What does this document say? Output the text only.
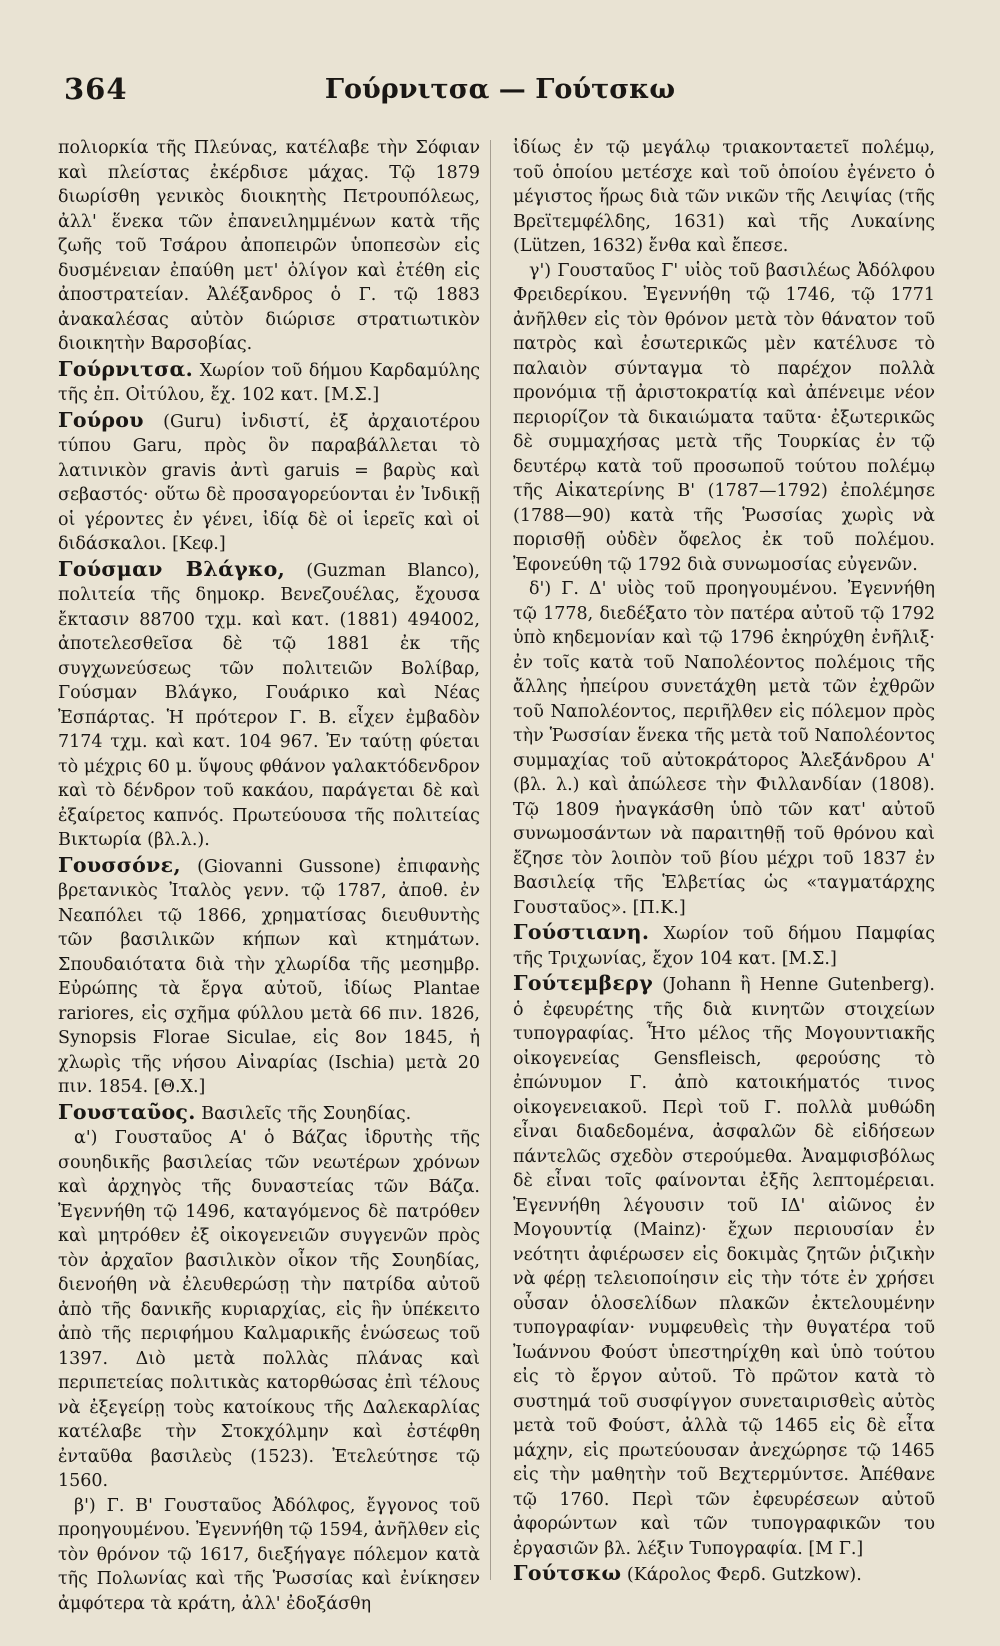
364	Γούρνιτσα — Γούτσκω

πολιορκία τῆς Πλεύνας, κατέλαβε τὴν Σόφιαν καὶ πλείστας ἐκέρδισε μάχας. Τῷ 1879 διωρίσθη γενικὸς διοικητὴς Πετρουπόλεως, ἀλλ' ἕνεκα τῶν ἐπανειλημμένων κατὰ τῆς ζωῆς τοῦ Τσάρου ἀποπειρῶν ὑποπεσὼν εἰς δυσμένειαν ἐπαύθη μετ' ὀλίγον καὶ ἐτέθη εἰς ἀποστρατείαν. Ἀλέξανδρος ὁ Γ. τῷ 1883 ἀνακαλέσας αὐτὸν διώρισε στρατιωτικὸν διοικητὴν Βαρσοβίας.

Γούρνιτσα. Χωρίον τοῦ δήμου Καρδαμύλης τῆς ἐπ. Οἰτύλου, ἔχ. 102 κατ. [Μ.Σ.]

Γούρου (Guru) ἰνδιστί, ἐξ ἀρχαιοτέρου τύπου Garu, πρὸς ὃν παραβάλλεται τὸ λατινικὸν gravis ἀντὶ garuis = βαρὺς καὶ σεβαστός· οὕτω δὲ προσαγορεύονται ἐν Ἰνδικῇ οἱ γέροντες ἐν γένει, ἰδίᾳ δὲ οἱ ἱερεῖς καὶ οἱ διδάσκαλοι. [Κεφ.]

Γούσμαν Βλάγκο, (Guzman Blanco), πολιτεία τῆς δημοκρ. Βενεζουέλας, ἔχουσα ἔκτασιν 88700 τχμ. καὶ κατ. (1881) 494002, ἀποτελεσθεῖσα δὲ τῷ 1881 ἐκ τῆς συγχωνεύσεως τῶν πολιτειῶν Βολίβαρ, Γούσμαν Βλάγκο, Γουάρικο καὶ Νέας Ἐσπάρτας. Ἡ πρότερον Γ. Β. εἶχεν ἐμβαδὸν 7174 τχμ. καὶ κατ. 104 967. Ἐν ταύτῃ φύεται τὸ μέχρις 60 μ. ὕψους φθάνον γαλακτόδενδρον καὶ τὸ δένδρον τοῦ κακάου, παράγεται δὲ καὶ ἐξαίρετος καπνός. Πρωτεύουσα τῆς πολιτείας Βικτωρία (βλ.λ.).

Γουσσόνε, (Giovanni Gussone) ἐπιφανὴς βρετανικὸς Ἰταλὸς γενν. τῷ 1787, ἀποθ. ἐν Νεαπόλει τῷ 1866, χρηματίσας διευθυντὴς τῶν βασιλικῶν κήπων καὶ κτημάτων. Σπουδαιότατα διὰ τὴν χλωρίδα τῆς μεσημβρ. Εὐρώπης τὰ ἔργα αὐτοῦ, ἰδίως Plantae rariores, εἰς σχῆμα φύλλου μετὰ 66 πιν. 1826, Synopsis Florae Siculae, εἰς 8ον 1845, ἡ χλωρὶς τῆς νήσου Αἰναρίας (Ischia) μετὰ 20 πιν. 1854. [Θ.Χ.]

Γουσταῦος. Βασιλεῖς τῆς Σουηδίας.

α') Γουσταῦος Α' ὁ Βάζας ἱδρυτὴς τῆς σουηδικῆς βασιλείας τῶν νεωτέρων χρόνων καὶ ἀρχηγὸς τῆς δυναστείας τῶν Βάζα. Ἐγεννήθη τῷ 1496, καταγόμενος δὲ πατρόθεν καὶ μητρόθεν ἐξ οἰκογενειῶν συγγενῶν πρὸς τὸν ἀρχαῖον βασιλικὸν οἶκον τῆς Σουηδίας, διενοήθη νὰ ἐλευθερώσῃ τὴν πατρίδα αὐτοῦ ἀπὸ τῆς δανικῆς κυριαρχίας, εἰς ἣν ὑπέκειτο ἀπὸ τῆς περιφήμου Καλμαρικῆς ἑνώσεως τοῦ 1397. Διὸ μετὰ πολλὰς πλάνας καὶ περιπετείας πολιτικὰς κατορθώσας ἐπὶ τέλους νὰ ἐξεγείρῃ τοὺς κατοίκους τῆς Δαλεκαρλίας κατέλαβε τὴν Στοκχόλμην καὶ ἐστέφθη ἐνταῦθα βασιλεὺς (1523). Ἐτελεύτησε τῷ 1560.

β') Γ. Β' Γουσταῦος Ἀδόλφος, ἔγγονος τοῦ προηγουμένου. Ἐγεννήθη τῷ 1594, ἀνῆλθεν εἰς τὸν θρόνον τῷ 1617, διεξήγαγε πόλεμον κατὰ τῆς Πολωνίας καὶ τῆς Ῥωσσίας καὶ ἐνίκησεν ἀμφότερα τὰ κράτη, ἀλλ' ἐδοξάσθη

ἰδίως ἐν τῷ μεγάλῳ τριακονταετεῖ πολέμῳ, τοῦ ὁποίου μετέσχε καὶ τοῦ ὁποίου ἐγένετο ὁ μέγιστος ἥρως διὰ τῶν νικῶν τῆς Λειψίας (τῆς Βρεϊτεμφέλδης, 1631) καὶ τῆς Λυκαίνης (Lützen, 1632) ἔνθα καὶ ἔπεσε.

γ') Γουσταῦος Γ' υἱὸς τοῦ βασιλέως Ἀδόλφου Φρειδερίκου. Ἐγεννήθη τῷ 1746, τῷ 1771 ἀνῆλθεν εἰς τὸν θρόνον μετὰ τὸν θάνατον τοῦ πατρὸς καὶ ἐσωτερικῶς μὲν κατέλυσε τὸ παλαιὸν σύνταγμα τὸ παρέχον πολλὰ προνόμια τῇ ἀριστοκρατίᾳ καὶ ἀπένειμε νέον περιορίζον τὰ δικαιώματα ταῦτα· ἐξωτερικῶς δὲ συμμαχήσας μετὰ τῆς Τουρκίας ἐν τῷ δευτέρῳ κατὰ τοῦ προσωποῦ τούτου πολέμῳ τῆς Αἰκατερίνης Β' (1787—1792) ἐπολέμησε (1788—90) κατὰ τῆς Ῥωσσίας χωρὶς νὰ πορισθῇ οὐδὲν ὄφελος ἐκ τοῦ πολέμου. Ἐφονεύθη τῷ 1792 διὰ συνωμοσίας εὐγενῶν.

δ') Γ. Δ' υἱὸς τοῦ προηγουμένου. Ἐγεννήθη τῷ 1778, διεδέξατο τὸν πατέρα αὐτοῦ τῷ 1792 ὑπὸ κηδεμονίαν καὶ τῷ 1796 ἐκηρύχθη ἐνῆλιξ· ἐν τοῖς κατὰ τοῦ Ναπολέοντος πολέμοις τῆς ἄλλης ἠπείρου συνετάχθη μετὰ τῶν ἐχθρῶν τοῦ Ναπολέοντος, περιῆλθεν εἰς πόλεμον πρὸς τὴν Ῥωσσίαν ἕνεκα τῆς μετὰ τοῦ Ναπολέοντος συμμαχίας τοῦ αὐτοκράτορος Ἀλεξάνδρου Α' (βλ. λ.) καὶ ἀπώλεσε τὴν Φιλλανδίαν (1808). Τῷ 1809 ἠναγκάσθη ὑπὸ τῶν κατ' αὐτοῦ συνωμοσάντων νὰ παραιτηθῇ τοῦ θρόνου καὶ ἔζησε τὸν λοιπὸν τοῦ βίου μέχρι τοῦ 1837 ἐν Βασιλείᾳ τῆς Ἑλβετίας ὡς «ταγματάρχης Γουσταῦος». [Π.Κ.]

Γούστιανη. Χωρίον τοῦ δήμου Παμφίας τῆς Τριχωνίας, ἔχον 104 κατ. [Μ.Σ.]

Γούτεμβεργ (Johann ἢ Henne Gutenberg). ὁ ἐφευρέτης τῆς διὰ κινητῶν στοιχείων τυπογραφίας. Ἦτο μέλος τῆς Μογουντιακῆς οἰκογενείας Gensfleisch, φερούσης τὸ ἐπώνυμον Γ. ἀπὸ κατοικήματός τινος οἰκογενειακοῦ. Περὶ τοῦ Γ. πολλὰ μυθώδη εἶναι διαδεδομένα, ἀσφαλῶν δὲ εἰδήσεων πάντελῶς σχεδὸν στερούμεθα. Ἀναμφισβόλως δὲ εἶναι τοῖς φαίνονται ἐξῆς λεπτομέρειαι. Ἐγεννήθη λέγουσιν τοῦ ΙΔ' αἰῶνος ἐν Μογουντίᾳ (Mainz)· ἔχων περιουσίαν ἐν νεότητι ἀφιέρωσεν εἰς δοκιμὰς ζητῶν ῥιζικὴν νὰ φέρῃ τελειοποίησιν εἰς τὴν τότε ἐν χρήσει οὖσαν ὁλοσελίδων πλακῶν ἐκτελουμένην τυπογραφίαν· νυμφευθεὶς τὴν θυγατέρα τοῦ Ἰωάννου Φούστ ὑπεστηρίχθη καὶ ὑπὸ τούτου εἰς τὸ ἔργον αὐτοῦ. Τὸ πρῶτον κατὰ τὸ συστημά τοῦ συσφίγγον συνεταιρισθεὶς αὐτὸς μετὰ τοῦ Φούστ, ἀλλὰ τῷ 1465 εἰς δὲ εἶτα μάχην, εἰς πρωτεύουσαν ἀνεχώρησε τῷ 1465 εἰς τὴν μαθητὴν τοῦ Βεχτερμύντσε. Ἀπέθανε τῷ 1760. Περὶ τῶν ἐφευρέσεων αὐτοῦ ἀφορώντων καὶ τῶν τυπογραφικῶν του ἐργασιῶν βλ. λέξιν Τυπογραφία. [Μ Γ.]

Γούτσκω (Κάρολος Φερδ. Gutzkow).
